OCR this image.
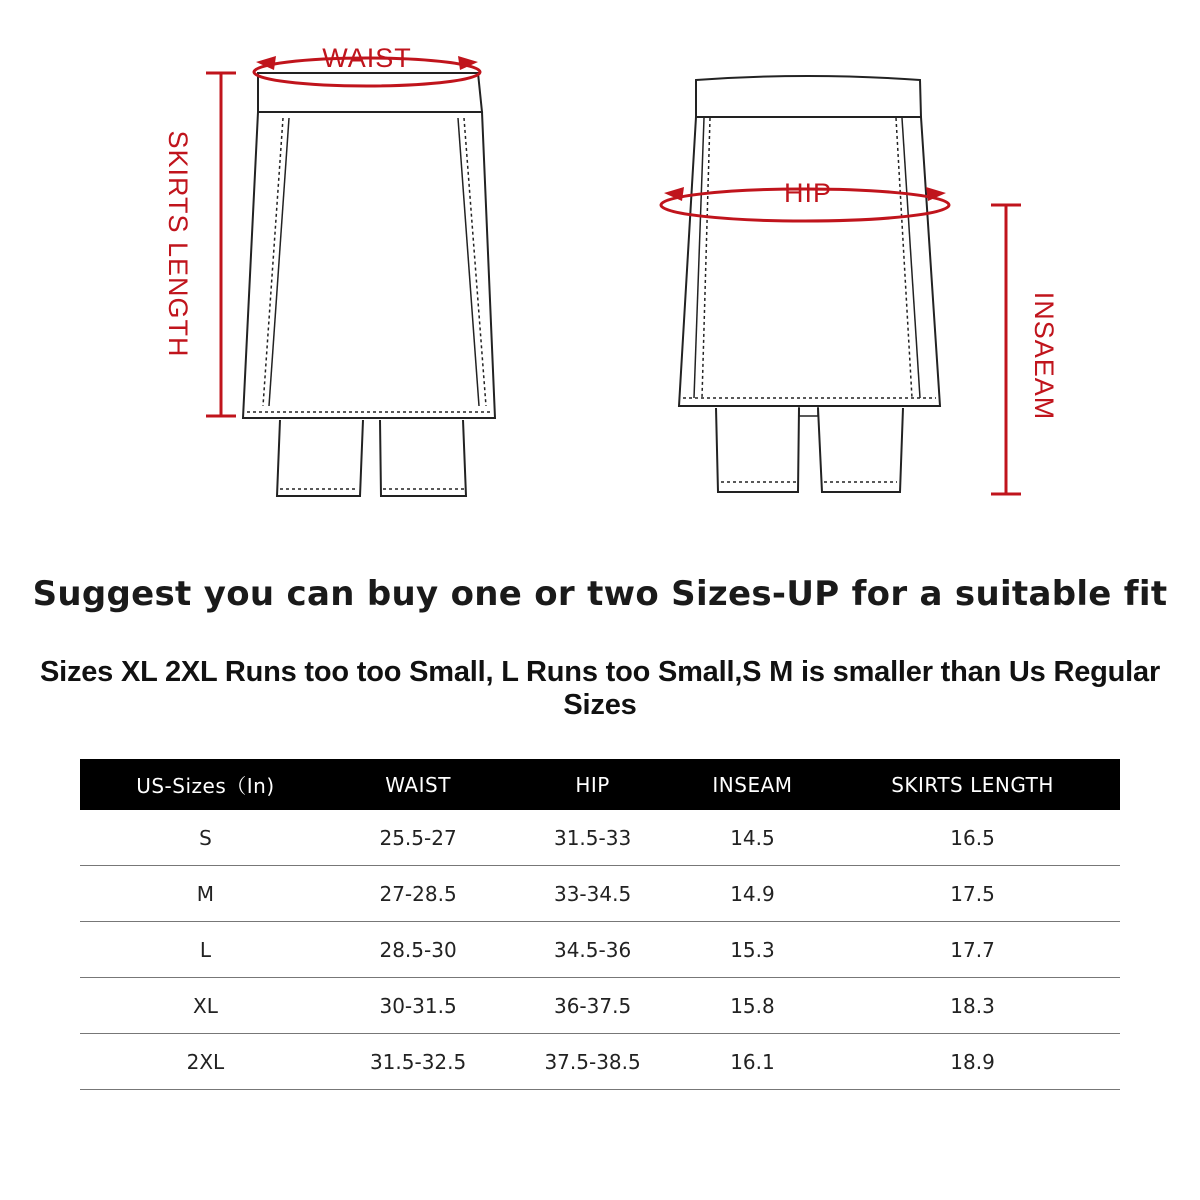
WAIST
SKIRTS LENGTH	HIP
INSAEAM
Suggest you can buy one or two Sizes-UP for a suitable fit
Sizes XL 2XL Runs too too Small, L Runs too Small,S M is smaller than Us Regular Sizes
US-Sizes（In)	WAIST	HIP	INSEAM	SKIRTS LENGTH
S	25.5-27	31.5-33	14.5	16.5
M	27-28.5	33-34.5	14.9	17.5
L	28.5-30	34.5-36	15.3	17.7
XL	30-31.5	36-37.5	15.8	18.3
2XL	31.5-32.5	37.5-38.5	16.1	18.9
